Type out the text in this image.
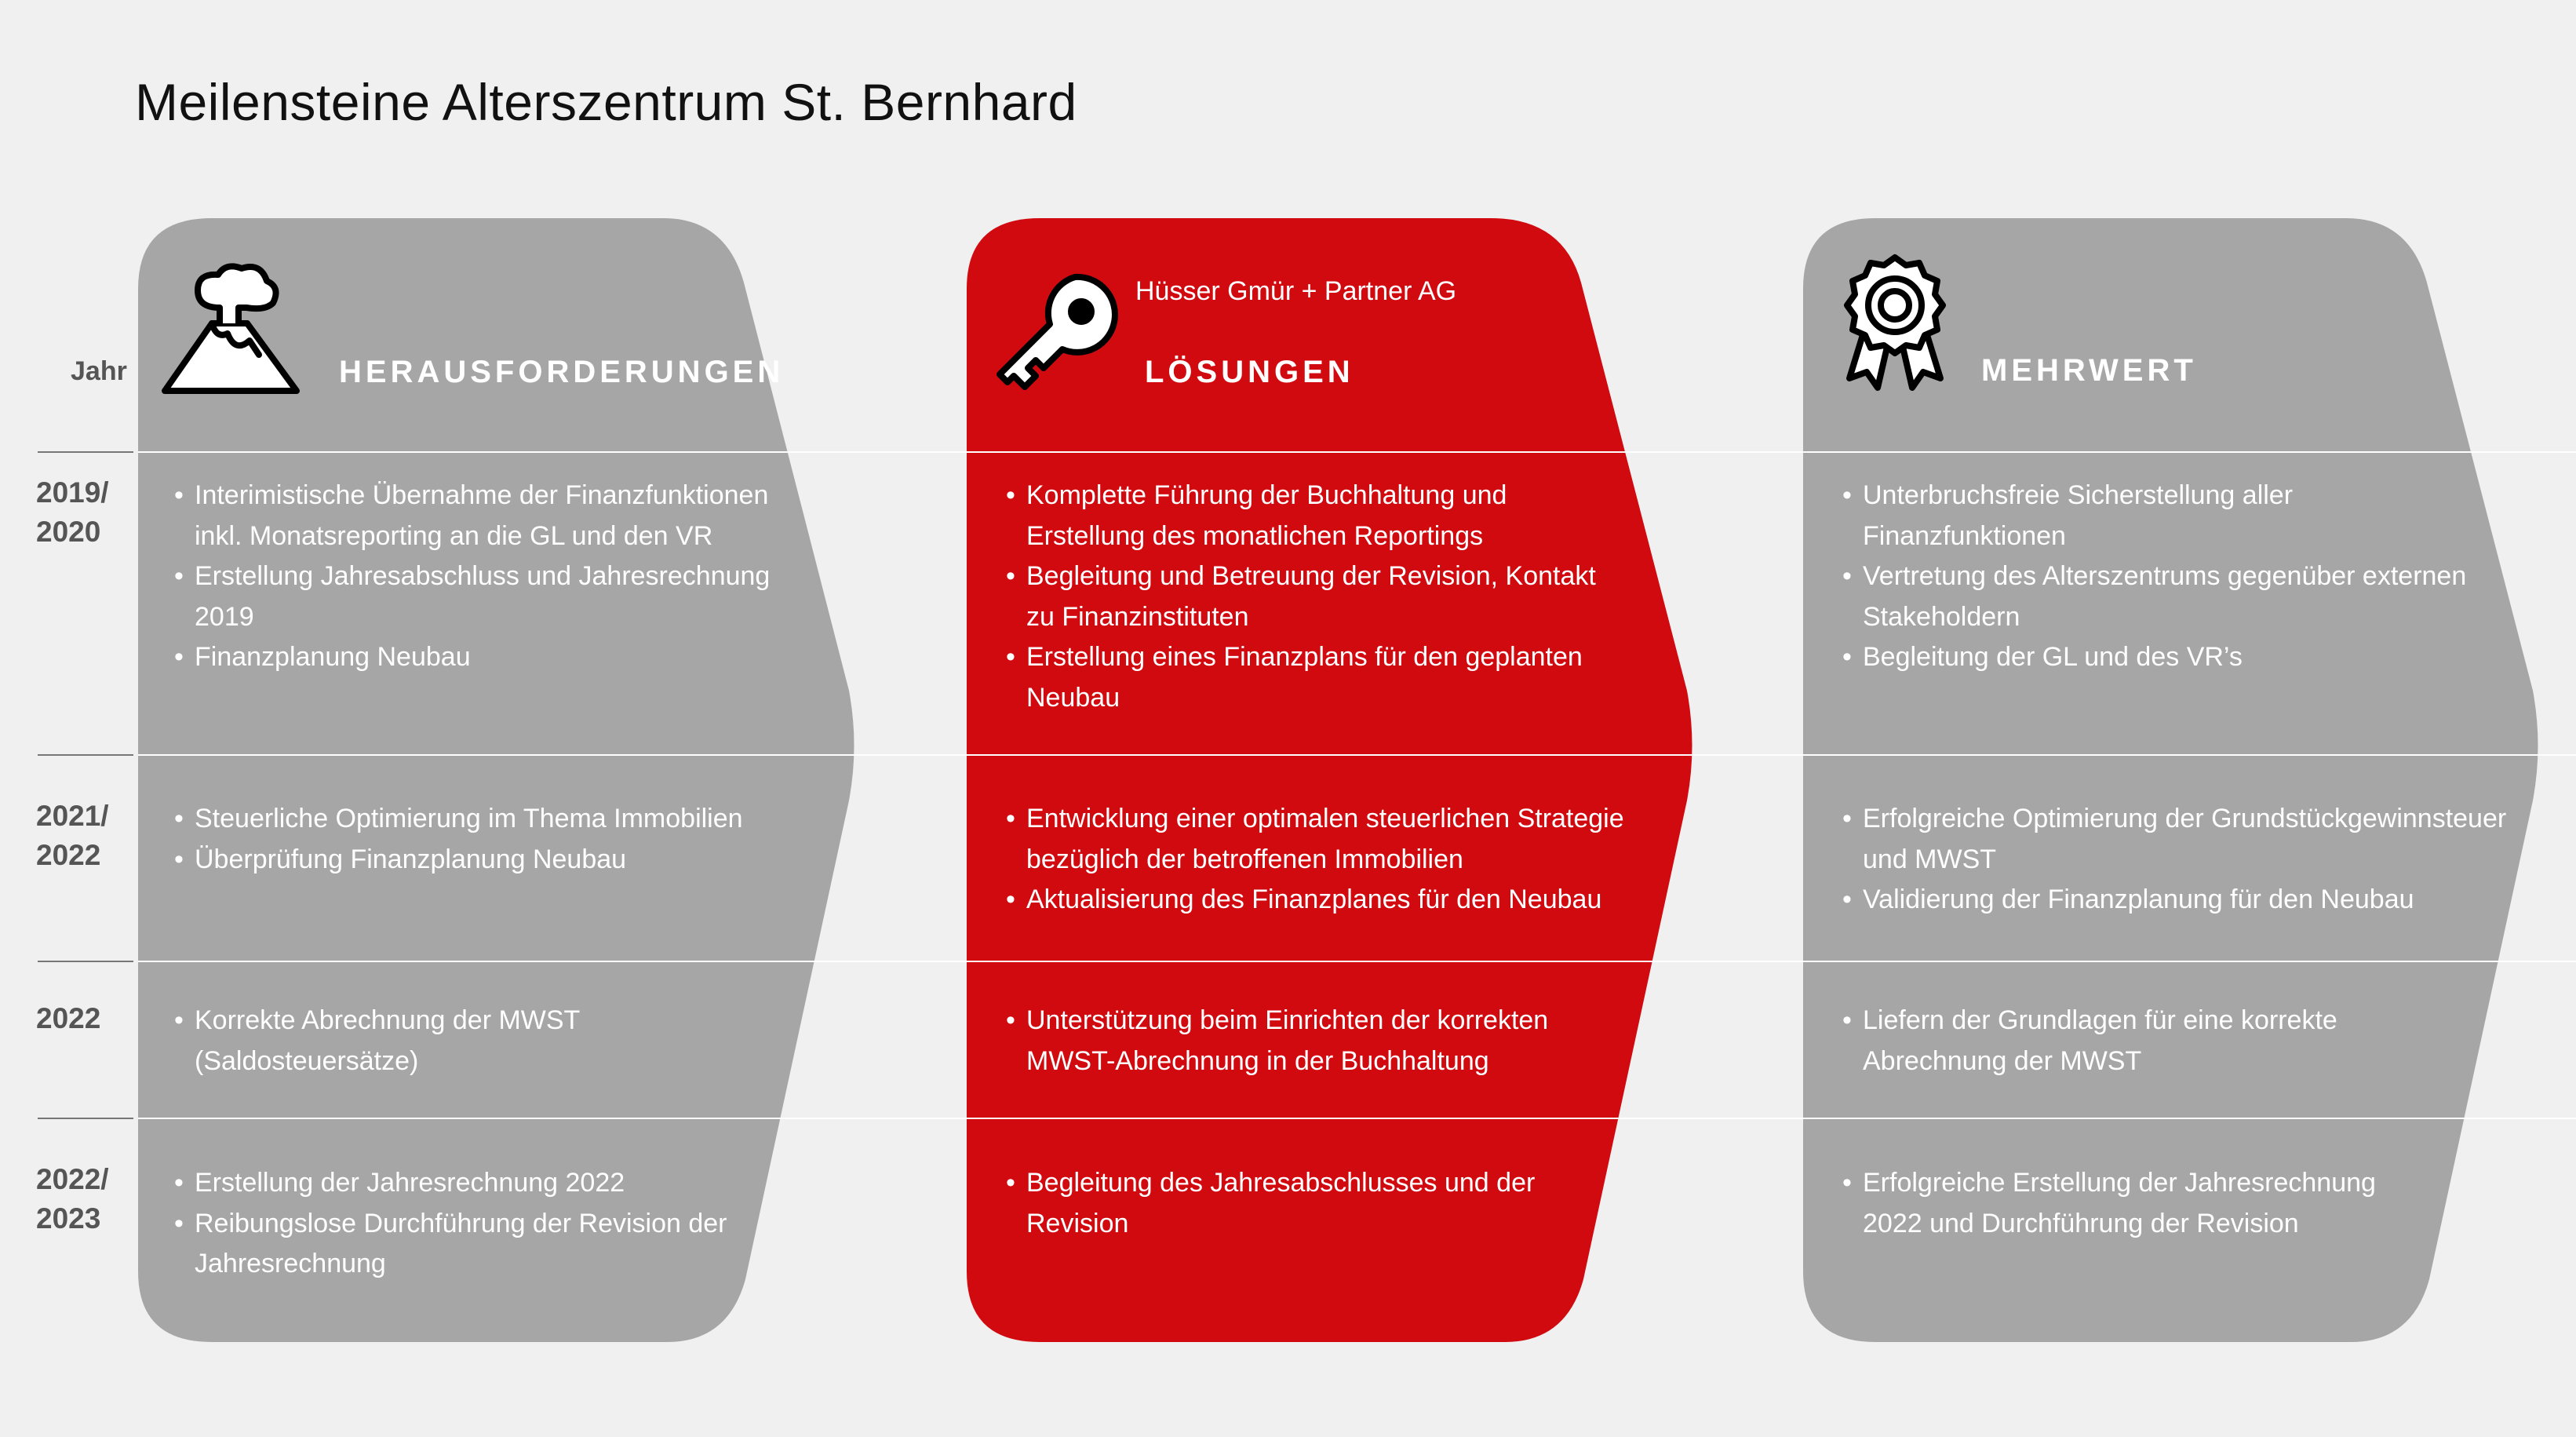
Meilensteine Alterszentrum St. Bernhard
Jahr	HERAUSFORDERUNGEN
Hüsser Gmür + Partner AG
LÖSUNGEN	MEHRWERT
2019/
2020
2021/
2022
2022
2022/
2023
• Interimistische Übernahme der Finanzfunktionen inkl. Monatsreporting an die GL und den VR
• Erstellung Jahresabschluss und Jahresrechnung 2019
• Finanzplanung Neubau
• Komplette Führung der Buchhaltung und Erstellung des monatlichen Reportings
• Begleitung und Betreuung der Revision, Kontakt zu Finanzinstituten
• Erstellung eines Finanzplans für den geplanten Neubau
• Unterbruchsfreie Sicherstellung aller Finanzfunktionen
• Vertretung des Alterszentrums gegenüber externen Stakeholdern
• Begleitung der GL und des VR’s
• Steuerliche Optimierung im Thema Immobilien
• Überprüfung Finanzplanung Neubau
• Entwicklung einer optimalen steuerlichen Strategie bezüglich der betroffenen Immobilien
• Aktualisierung des Finanzplanes für den Neubau
• Erfolgreiche Optimierung der Grundstückgewinnsteuer und MWST
• Validierung der Finanzplanung für den Neubau
• Korrekte Abrechnung der MWST (Saldosteuersätze)
• Unterstützung beim Einrichten der korrekten MWST-Abrechnung in der Buchhaltung
• Liefern der Grundlagen für eine korrekte Abrechnung der MWST
• Erstellung der Jahresrechnung 2022
• Reibungslose Durchführung der Revision der Jahresrechnung
• Begleitung des Jahresabschlusses und der Revision
• Erfolgreiche Erstellung der Jahresrechnung 2022 und Durchführung der Revision
